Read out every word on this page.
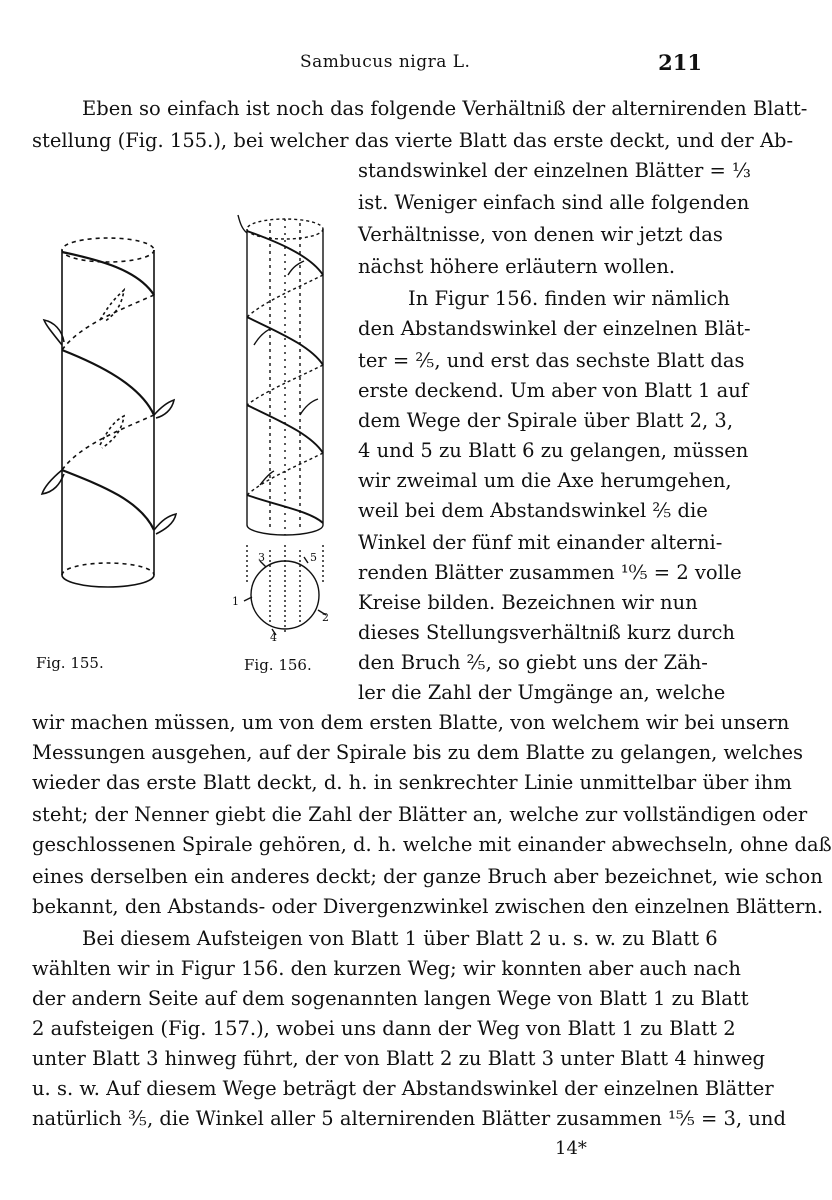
Sambucus nigra L.	211
Eben so einfach ist noch das folgende Verhältniß der alternirenden Blatt-
stellung (Fig. 155.), bei welcher das vierte Blatt das erste deckt, und der Ab-
standswinkel der einzelnen Blätter = ⅓
ist. Weniger einfach sind alle folgenden
Verhältnisse, von denen wir jetzt das
nächst höhere erläutern wollen.
In Figur 156. finden wir nämlich
den Abstandswinkel der einzelnen Blät-
ter = ⅖, und erst das sechste Blatt das
erste deckend. Um aber von Blatt 1 auf
dem Wege der Spirale über Blatt 2, 3,
4 und 5 zu Blatt 6 zu gelangen, müssen
wir zweimal um die Axe herumgehen,
weil bei dem Abstandswinkel ⅖ die
Winkel der fünf mit einander alterni-
renden Blätter zusammen ¹⁰⁄₅ = 2 volle
Kreise bilden. Bezeichnen wir nun
dieses Stellungsverhältniß kurz durch
den Bruch ⅖, so giebt uns der Zäh-
ler die Zahl der Umgänge an, welche
wir machen müssen, um von dem ersten Blatte, von welchem wir bei unsern
Messungen ausgehen, auf der Spirale bis zu dem Blatte zu gelangen, welches
wieder das erste Blatt deckt, d. h. in senkrechter Linie unmittelbar über ihm
steht; der Nenner giebt die Zahl der Blätter an, welche zur vollständigen oder
geschlossenen Spirale gehören, d. h. welche mit einander abwechseln, ohne daß
eines derselben ein anderes deckt; der ganze Bruch aber bezeichnet, wie schon
bekannt, den Abstands- oder Divergenzwinkel zwischen den einzelnen Blättern.
Bei diesem Aufsteigen von Blatt 1 über Blatt 2 u. s. w. zu Blatt 6
wählten wir in Figur 156. den kurzen Weg; wir konnten aber auch nach
der andern Seite auf dem sogenannten langen Wege von Blatt 1 zu Blatt
2 aufsteigen (Fig. 157.), wobei uns dann der Weg von Blatt 1 zu Blatt 2
unter Blatt 3 hinweg führt, der von Blatt 2 zu Blatt 3 unter Blatt 4 hinweg
u. s. w. Auf diesem Wege beträgt der Abstandswinkel der einzelnen Blätter
natürlich ⅗, die Winkel aller 5 alternirenden Blätter zusammen ¹⁵⁄₅ = 3, und
Fig. 155.
3	5
1
2
4
Fig. 156.
14*
